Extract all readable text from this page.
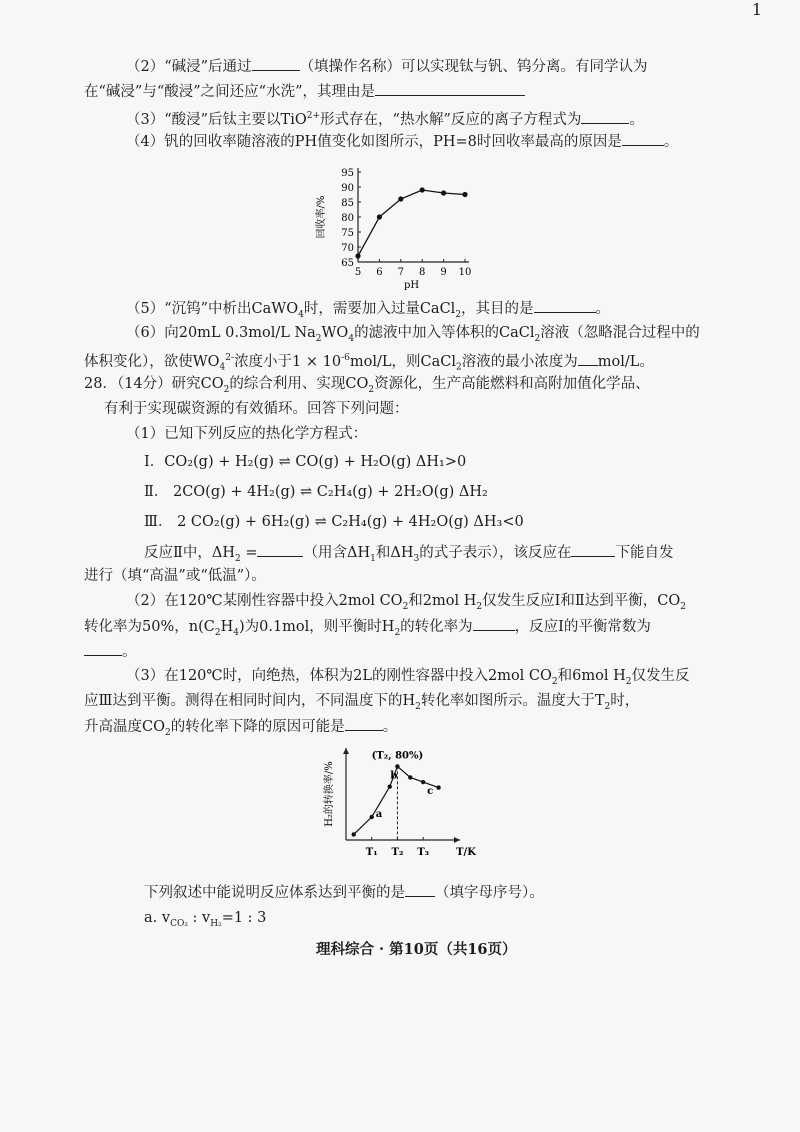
1
（2）“碱浸”后通过	（填操作名称）可以实现钛与钒、钨分离。有同学认为
在“碱浸”与“酸浸”之间还应“水洗”，其理由是
（3）“酸浸”后钛主要以TiO$^{2+}$形式存在，“热水解”反应的离子方程式为	。
（4）钒的回收率随溶液的PH值变化如图所示，PH=8时回收率最高的原因是	。
65
70
75
80
85
90
95
5 6 7 8 9 10
pH
回收率/%
（5）“沉钨”中析出CaWO$_4$时，需要加入过量CaCl$_2$，其目的是	。
（6）向20mL 0.3mol/L $Na_2WO_4$的滤液中加入等体积的CaCl$_2$溶液（忽略混合过程中的
体积变化），欲使$WO_4^{2-}$浓度小于$1 \times 10^{-6}mol/L$，则CaCl$_2$溶液的最小浓度为 mol/L。
28．（14分）研究$CO_2$的综合利用、实现$CO_2$资源化，生产高能燃料和高附加值化学品、
有利于实现碳资源的有效循环。回答下列问题：
（1）已知下列反应的热化学方程式：
Ⅰ．CO₂(g) + H₂(g) ⇌ CO(g) + H₂O(g) ΔH₁>0
Ⅱ． 2CO(g) + 4H₂(g) ⇌ C₂H₄(g) + 2H₂O(g) ΔH₂
Ⅲ． 2 CO₂(g) + 6H₂(g) ⇌ C₂H₄(g) + 4H₂O(g) ΔH₃<0
反应Ⅱ中，$\Delta H_2$ =	（用含$\Delta H_1$和$\Delta H_3$的式子表示），该反应在	下能自发
进行（填“高温”或“低温”）。
（2）在120℃某刚性容器中投入2mol $CO_2$和2mol $H_2$仅发生反应Ⅰ和Ⅱ达到平衡，$CO_2$
转化率为50%，$n(C_2H_4)$为0.1mol，则平衡时$H_2$的转化率为	，反应Ⅰ的平衡常数为
。
（3）在120℃时，向绝热，体积为2L的刚性容器中投入2mol $CO_2$和6mol $H_2$仅发生反
应Ⅲ达到平衡。测得在相同时间内，不同温度下的$H_2$转化率如图所示。温度大于$T_2$时，
升高温度$CO_2$的转化率下降的原因可能是	。
H₂的转换率/%
T/K
T₁ T₂ T₃
(T₂, 80%)
a
b
c
下列叙述中能说明反应体系达到平衡的是 （填字母序号）。
a. $v_{CO_2}$ : $v_{H_2}=1$ : 3
理科综合 · 第10页（共16页）
